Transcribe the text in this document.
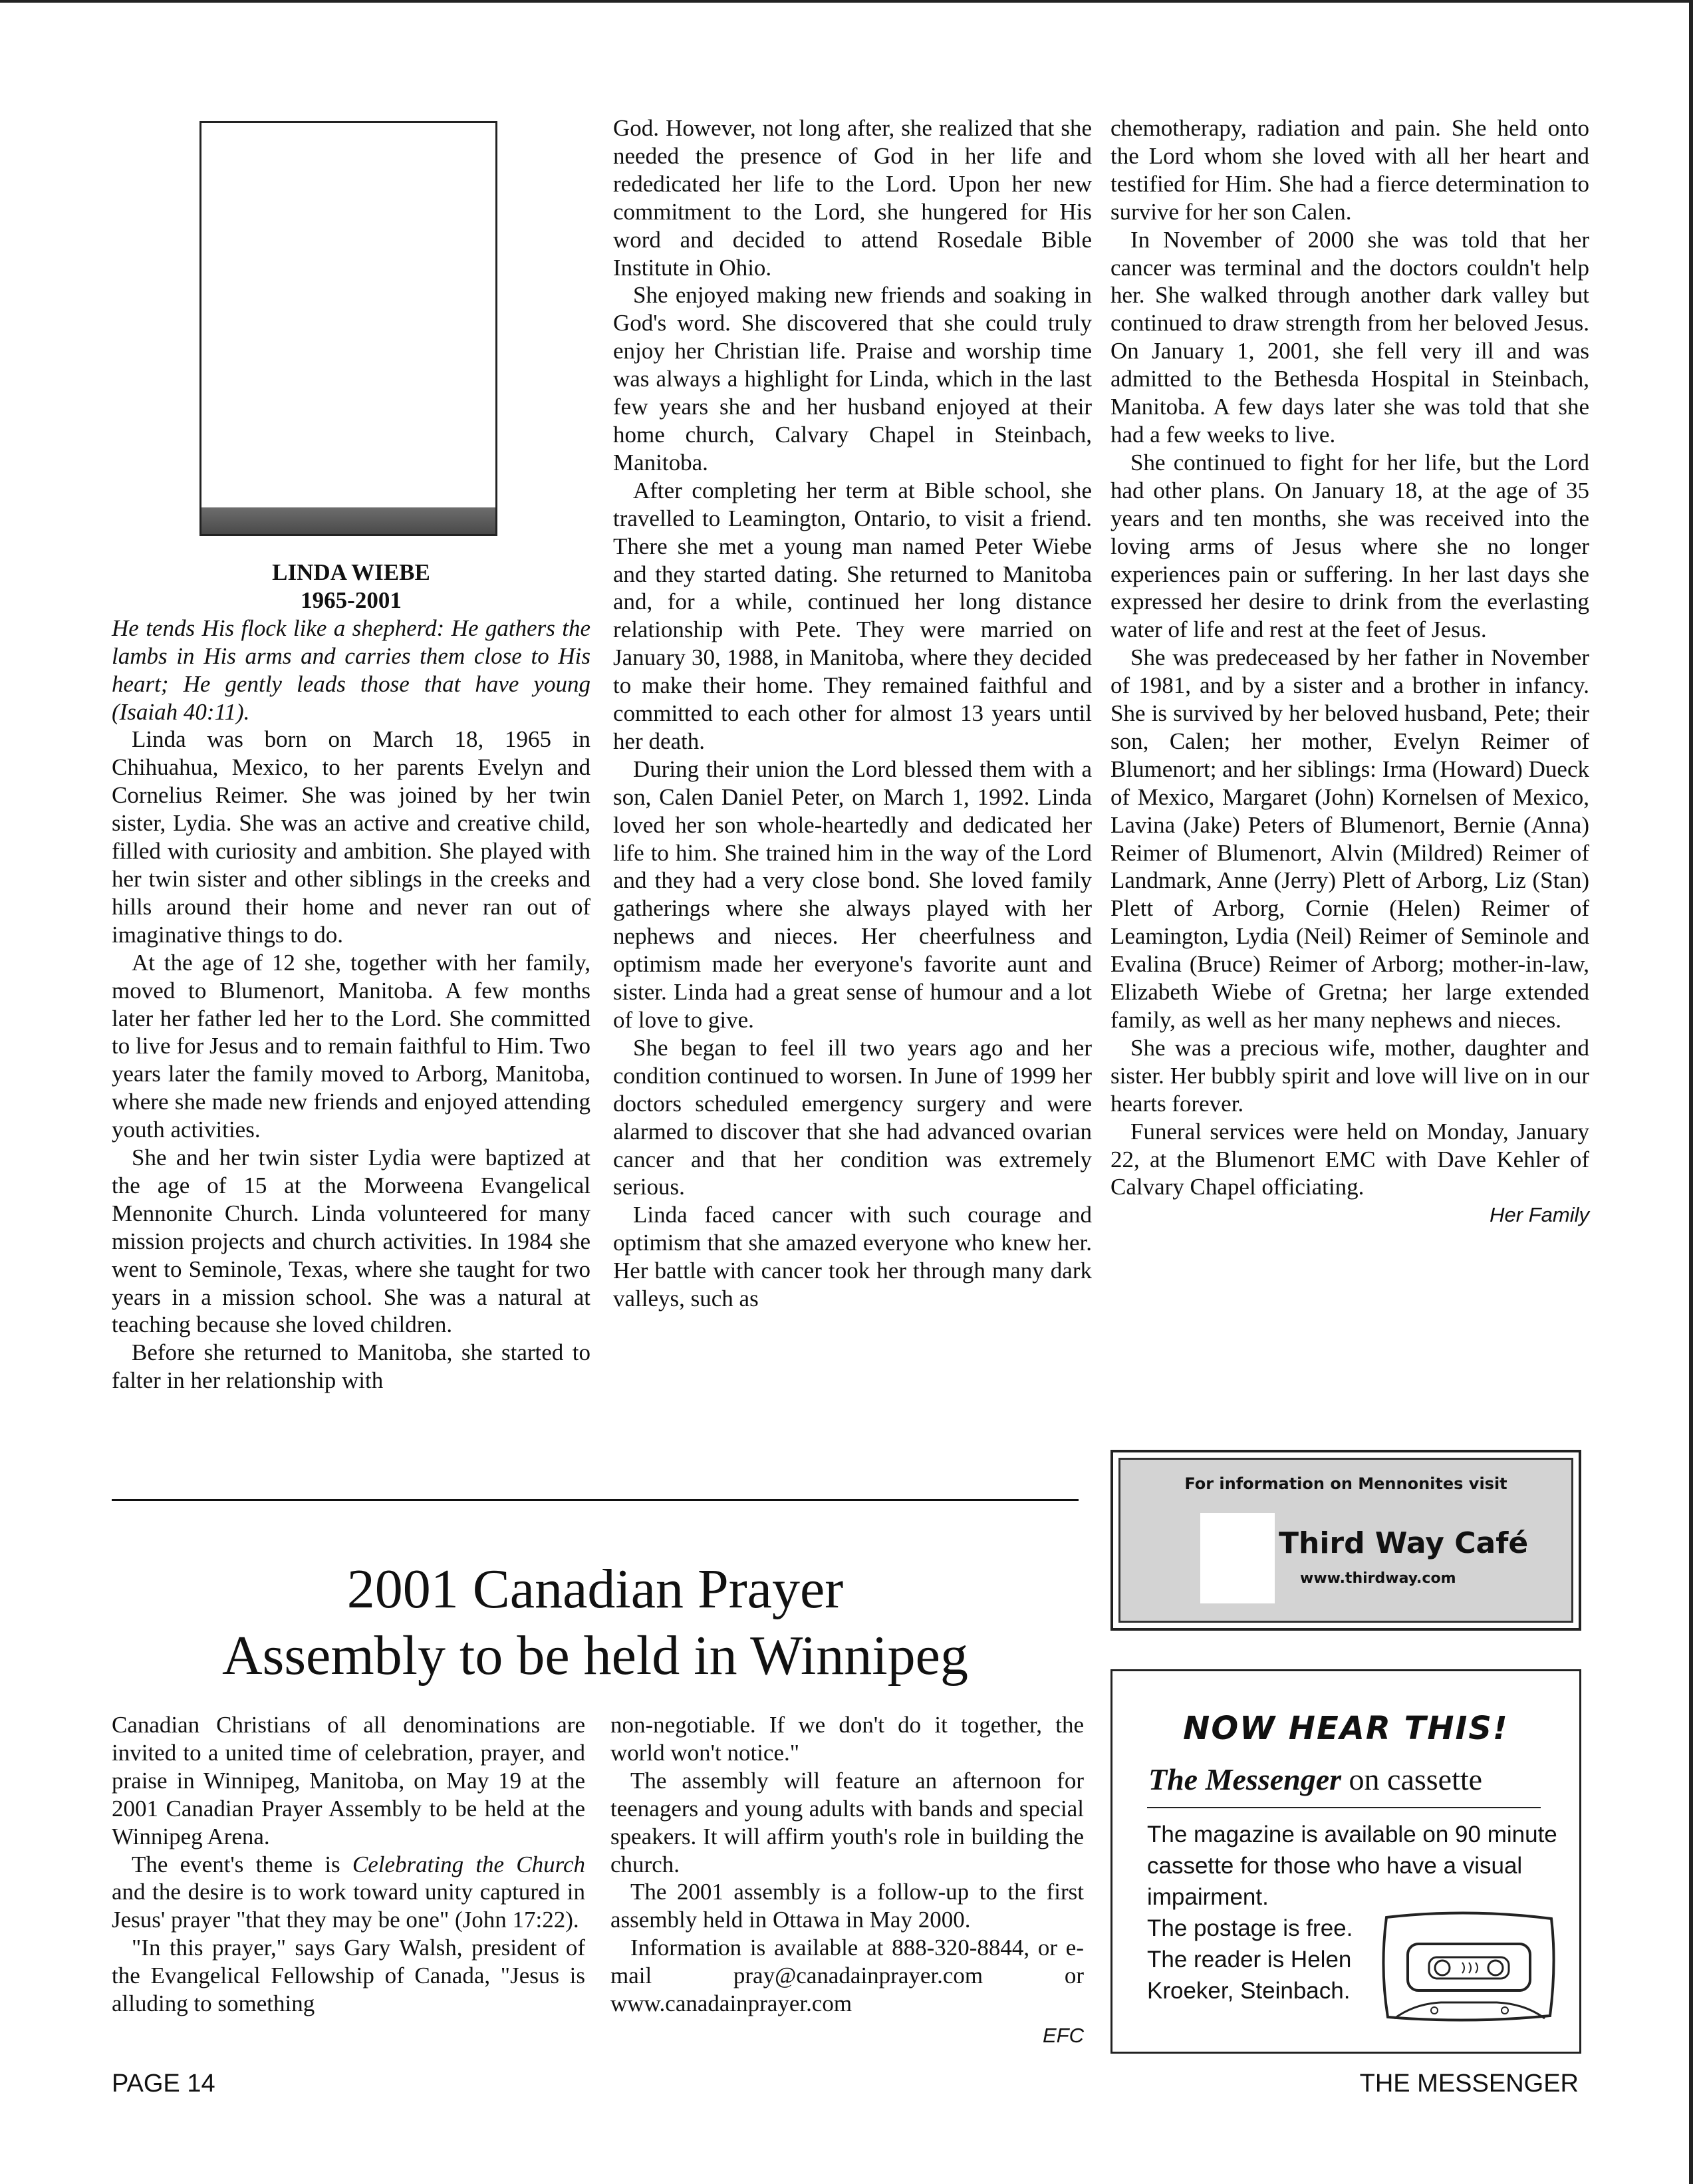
LINDA WIEBE

1965-2001

He tends His flock like a shepherd: He gathers the lambs in His arms and carries them close to His heart; He gently leads those that have young (Isaiah 40:11).

Linda was born on March 18, 1965 in Chihuahua, Mexico, to her parents Evelyn and Cornelius Reimer. She was joined by her twin sister, Lydia. She was an active and creative child, filled with curiosity and ambition. She played with her twin sister and other siblings in the creeks and hills around their home and never ran out of imaginative things to do.

At the age of 12 she, together with her family, moved to Blumenort, Manitoba. A few months later her father led her to the Lord. She committed to live for Jesus and to remain faithful to Him. Two years later the family moved to Arborg, Manitoba, where she made new friends and enjoyed attending youth activities.

She and her twin sister Lydia were baptized at the age of 15 at the Morweena Evangelical Mennonite Church. Linda volunteered for many mission projects and church activities. In 1984 she went to Seminole, Texas, where she taught for two years in a mission school. She was a natural at teaching because she loved children.

Before she returned to Manitoba, she started to falter in her relationship with

God. However, not long after, she realized that she needed the presence of God in her life and rededicated her life to the Lord. Upon her new commitment to the Lord, she hungered for His word and decided to attend Rosedale Bible Institute in Ohio.

She enjoyed making new friends and soaking in God's word. She discovered that she could truly enjoy her Christian life. Praise and worship time was always a highlight for Linda, which in the last few years she and her husband enjoyed at their home church, Calvary Chapel in Steinbach, Manitoba.

After completing her term at Bible school, she travelled to Leamington, Ontario, to visit a friend. There she met a young man named Peter Wiebe and they started dating. She returned to Manitoba and, for a while, continued her long distance relationship with Pete. They were married on January 30, 1988, in Manitoba, where they decided to make their home. They remained faithful and committed to each other for almost 13 years until her death.

During their union the Lord blessed them with a son, Calen Daniel Peter, on March 1, 1992. Linda loved her son whole-heartedly and dedicated her life to him. She trained him in the way of the Lord and they had a very close bond. She loved family gatherings where she always played with her nephews and nieces. Her cheerfulness and optimism made her everyone's favorite aunt and sister. Linda had a great sense of humour and a lot of love to give.

She began to feel ill two years ago and her condition continued to worsen. In June of 1999 her doctors scheduled emergency surgery and were alarmed to discover that she had advanced ovarian cancer and that her condition was extremely serious.

Linda faced cancer with such courage and optimism that she amazed everyone who knew her. Her battle with cancer took her through many dark valleys, such as

chemotherapy, radiation and pain. She held onto the Lord whom she loved with all her heart and testified for Him. She had a fierce determination to survive for her son Calen.

In November of 2000 she was told that her cancer was terminal and the doctors couldn't help her. She walked through another dark valley but continued to draw strength from her beloved Jesus. On January 1, 2001, she fell very ill and was admitted to the Bethesda Hospital in Steinbach, Manitoba. A few days later she was told that she had a few weeks to live.

She continued to fight for her life, but the Lord had other plans. On January 18, at the age of 35 years and ten months, she was received into the loving arms of Jesus where she no longer experiences pain or suffering. In her last days she expressed her desire to drink from the everlasting water of life and rest at the feet of Jesus.

She was predeceased by her father in November of 1981, and by a sister and a brother in infancy. She is survived by her beloved husband, Pete; their son, Calen; her mother, Evelyn Reimer of Blumenort; and her siblings: Irma (Howard) Dueck of Mexico, Margaret (John) Kornelsen of Mexico, Lavina (Jake) Peters of Blumenort, Bernie (Anna) Reimer of Blumenort, Alvin (Mildred) Reimer of Landmark, Anne (Jerry) Plett of Arborg, Liz (Stan) Plett of Arborg, Cornie (Helen) Reimer of Leamington, Lydia (Neil) Reimer of Seminole and Evalina (Bruce) Reimer of Arborg; mother-in-law, Elizabeth Wiebe of Gretna; her large extended family, as well as her many nephews and nieces.

She was a precious wife, mother, daughter and sister. Her bubbly spirit and love will live on in our hearts forever.

Funeral services were held on Monday, January 22, at the Blumenort EMC with Dave Kehler of Calvary Chapel officiating.

Her Family

2001 Canadian Prayer
Assembly to be held in Winnipeg

Canadian Christians of all denominations are invited to a united time of celebration, prayer, and praise in Winnipeg, Manitoba, on May 19 at the 2001 Canadian Prayer Assembly to be held at the Winnipeg Arena.

The event's theme is Celebrating the Church and the desire is to work toward unity captured in Jesus' prayer "that they may be one" (John 17:22).

"In this prayer," says Gary Walsh, president of the Evangelical Fellowship of Canada, "Jesus is alluding to something

non-negotiable. If we don't do it together, the world won't notice."

The assembly will feature an afternoon for teenagers and young adults with bands and special speakers. It will affirm youth's role in building the church.

The 2001 assembly is a follow-up to the first assembly held in Ottawa in May 2000.

Information is available at 888-320-8844, or e-mail pray@canadainprayer.com or www.canadainprayer.com

EFC

For information on Mennonites visit
Third Way Café
www.thirdway.com
NOW HEAR THIS!
The Messenger on cassette
The magazine is available on 90 minute cassette for those who have a visual impairment.
The postage is free. The reader is Helen Kroeker, Steinbach.
PAGE 14	THE MESSENGER
